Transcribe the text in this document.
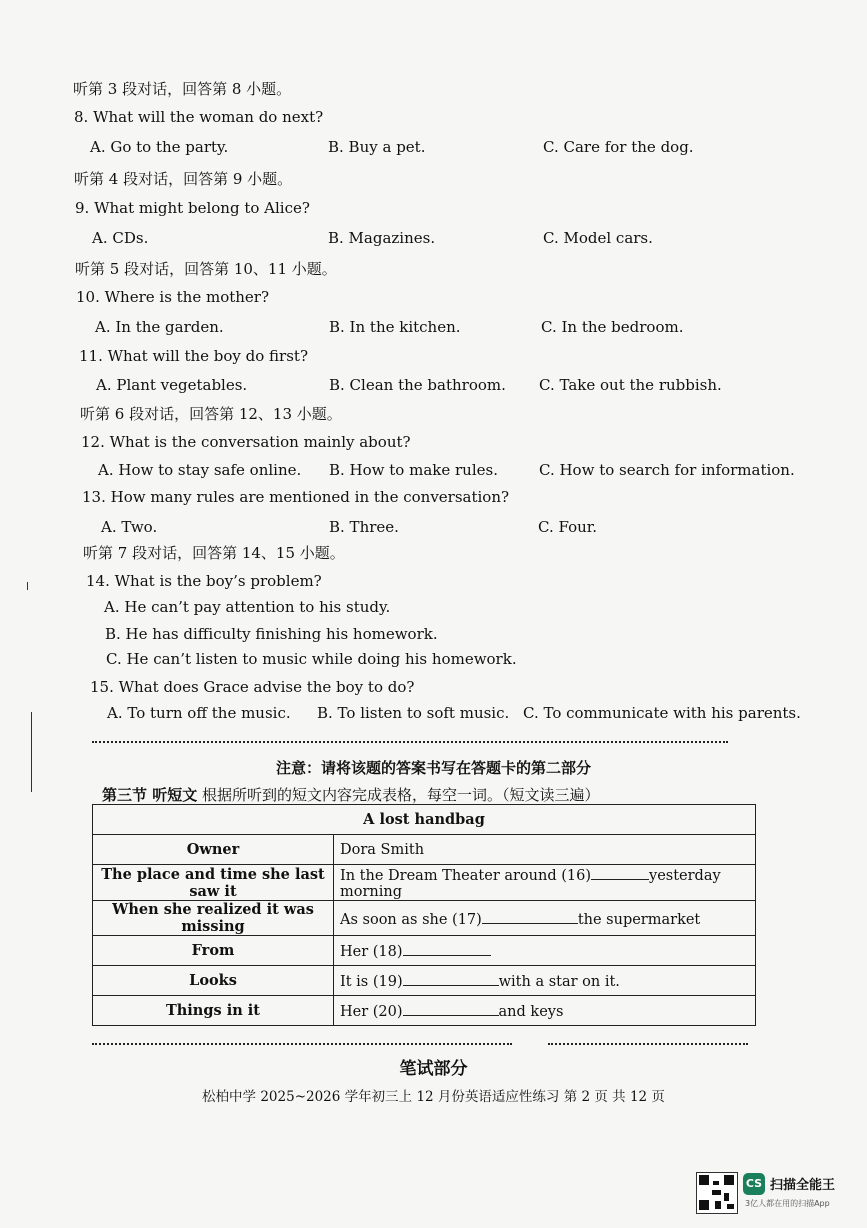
听第 3 段对话，回答第 8 小题。
8. What will the woman do next?
A. Go to the party.	B. Buy a pet.	C. Care for the dog.
听第 4 段对话，回答第 9 小题。
9. What might belong to Alice?
A. CDs.	B. Magazines.	C. Model cars.
听第 5 段对话，回答第 10、11 小题。
10. Where is the mother?
A. In the garden.	B. In the kitchen.	C. In the bedroom.
11. What will the boy do first?
A. Plant vegetables.	B. Clean the bathroom. C. Take out the rubbish.
听第 6 段对话，回答第 12、13 小题。
12. What is the conversation mainly about?
A. How to stay safe online. B. How to make rules.	C. How to search for information.
13. How many rules are mentioned in the conversation?
A. Two.	B. Three.	C. Four.
听第 7 段对话，回答第 14、15 小题。
14. What is the boy’s problem?
A. He can’t pay attention to his study.
B. He has difficulty finishing his homework.
C. He can’t listen to music while doing his homework.
15. What does Grace advise the boy to do?
A. To turn off the music. B. To listen to soft music. C. To communicate with his parents.
注意：请将该题的答案书写在答题卡的第二部分
第三节 听短文 根据所听到的短文内容完成表格，每空一词。（短文读三遍）
A lost handbag	
Owner	Dora Smith
The place and time she last saw it	In the Dream Theater around (16) yesterday morning
When she realized it was missing	As soon as she (17) the supermarket
From	Her (18)
Looks	It is (19) with a star on it.
Things in it	Her (20) and keys
笔试部分
松柏中学 2025~2026 学年初三上 12 月份英语适应性练习 第 2 页 共 12 页
CS 扫描全能王
3亿人都在用的扫描App
